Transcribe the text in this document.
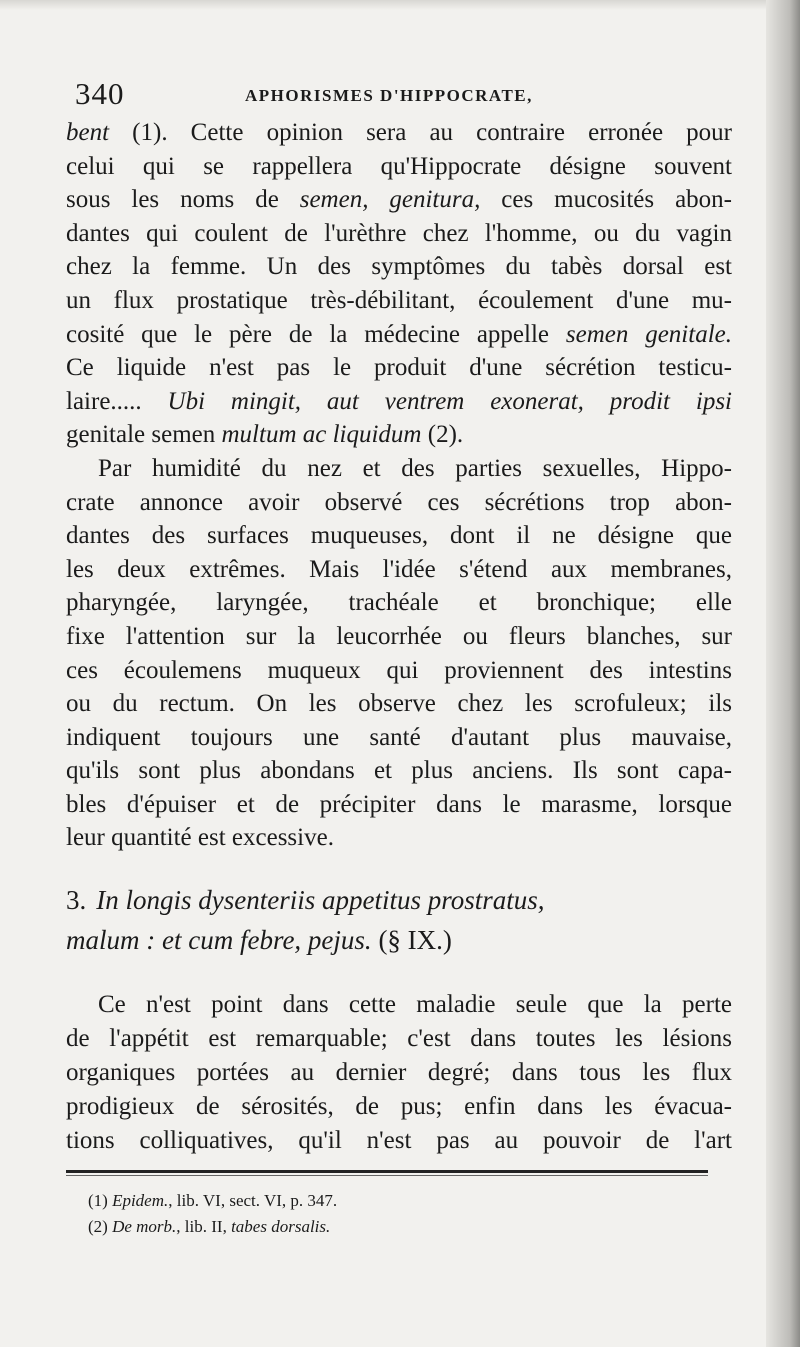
340	APHORISMES D'HIPPOCRATE,
bent (1). Cette opinion sera au contraire erronée pour
celui qui se rappellera qu'Hippocrate désigne souvent
sous les noms de semen, genitura, ces mucosités abon-
dantes qui coulent de l'urèthre chez l'homme, ou du vagin
chez la femme. Un des symptômes du tabès dorsal est
un flux prostatique très-débilitant, écoulement d'une mu-
cosité que le père de la médecine appelle semen genitale.
Ce liquide n'est pas le produit d'une sécrétion testicu-
laire..... Ubi mingit, aut ventrem exonerat, prodit ipsi
genitale semen multum ac liquidum (2).
Par humidité du nez et des parties sexuelles, Hippo-
crate annonce avoir observé ces sécrétions trop abon-
dantes des surfaces muqueuses, dont il ne désigne que
les deux extrêmes. Mais l'idée s'étend aux membranes,
pharyngée, laryngée, trachéale et bronchique; elle
fixe l'attention sur la leucorrhée ou fleurs blanches, sur
ces écoulemens muqueux qui proviennent des intestins
ou du rectum. On les observe chez les scrofuleux; ils
indiquent toujours une santé d'autant plus mauvaise,
qu'ils sont plus abondans et plus anciens. Ils sont capa-
bles d'épuiser et de précipiter dans le marasme, lorsque
leur quantité est excessive.
3. In longis dysenteriis appetitus prostratus,
malum : et cum febre, pejus. (§ IX.)
Ce n'est point dans cette maladie seule que la perte
de l'appétit est remarquable; c'est dans toutes les lésions
organiques portées au dernier degré; dans tous les flux
prodigieux de sérosités, de pus; enfin dans les évacua-
tions colliquatives, qu'il n'est pas au pouvoir de l'art
(1) Epidem., lib. VI, sect. VI, p. 347.
(2) De morb., lib. II, tabes dorsalis.
